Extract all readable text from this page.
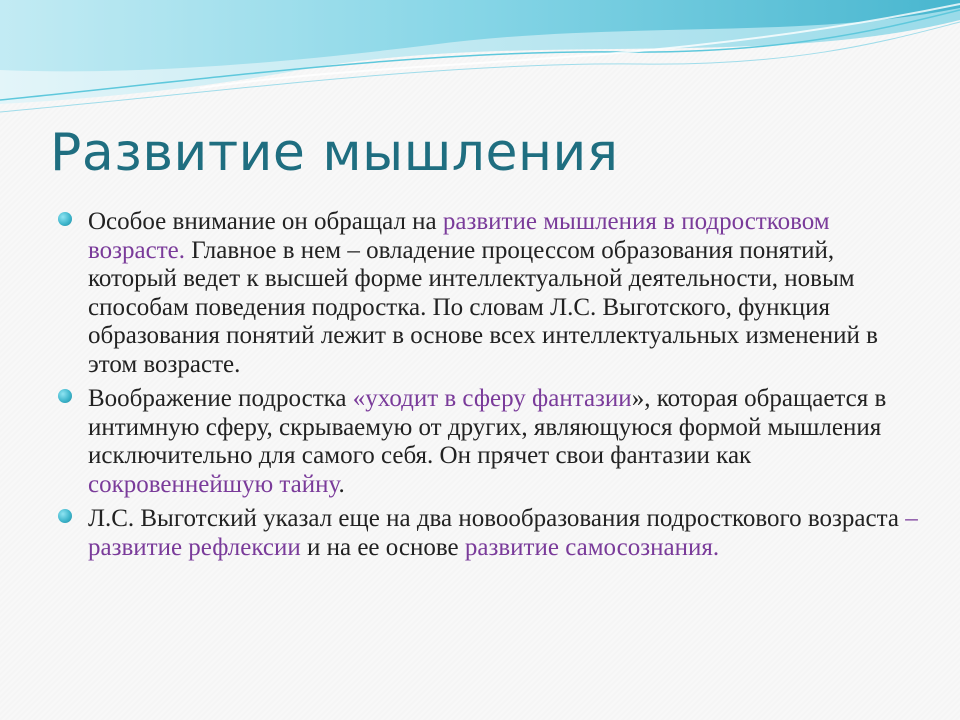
Развитие мышления
Особое внимание он обращал на развитие мышления в подростковом возрасте. Главное в нем – овладение процессом образования понятий, который ведет к высшей форме интеллектуальной деятельности, новым способам поведения подростка. По словам Л.С. Выготского, функция образования понятий лежит в основе всех интеллектуальных изменений в этом возрасте.
Воображение подростка «уходит в сферу фантазии», которая обращается в интимную сферу, скрываемую от других, являющуюся формой мышления исключительно для самого себя. Он прячет свои фантазии как сокровеннейшую тайну.
Л.С. Выготский указал еще на два новообразования подросткового возраста – развитие рефлексии и на ее основе развитие самосознания.
